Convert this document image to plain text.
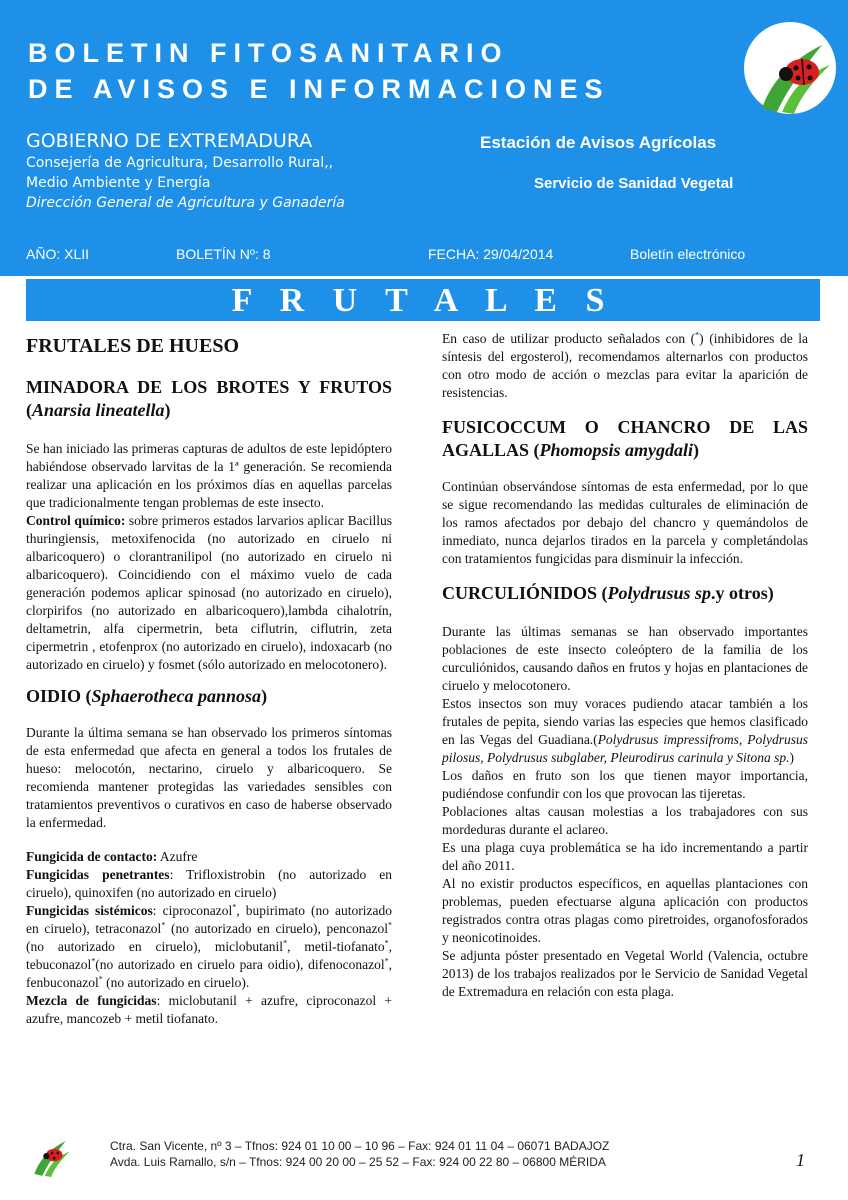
BOLETIN FITOSANITARIO
DE AVISOS E INFORMACIONES
GOBIERNO DE EXTREMADURA
Consejería de Agricultura, Desarrollo Rural,,
Medio Ambiente y Energía
Dirección General de Agricultura y Ganadería
Estación de Avisos Agrícolas
Servicio de Sanidad Vegetal
AÑO: XLII	BOLETÍN Nº: 8	FECHA: 29/04/2014	Boletín electrónico
F R U T A L E S
FRUTALES DE HUESO
MINADORA DE LOS BROTES Y FRUTOS (Anarsia lineatella)

Se han iniciado las primeras capturas de adultos de este lepidóptero habiéndose observado larvitas de la 1ª generación. Se recomienda realizar una aplicación en los próximos días en aquellas parcelas que tradicionalmente tengan problemas de este insecto.

Control químico: sobre primeros estados larvarios aplicar Bacillus thuringiensis, metoxifenocida (no autorizado en ciruelo ni albaricoquero) o clorantranilipol (no autorizado en ciruelo ni albaricoquero). Coincidiendo con el máximo vuelo de cada generación podemos aplicar spinosad (no autorizado en ciruelo), clorpirifos (no autorizado en albaricoquero),lambda cihalotrín, deltametrin, alfa cipermetrin, beta ciflutrin, ciflutrin, zeta cipermetrin , etofenprox (no autorizado en ciruelo), indoxacarb (no autorizado en ciruelo) y fosmet (sólo autorizado en melocotonero).

OIDIO (Sphaerotheca pannosa)

Durante la última semana se han observado los primeros síntomas de esta enfermedad que afecta en general a todos los frutales de hueso: melocotón, nectarino, ciruelo y albaricoquero. Se recomienda mantener protegidas las variedades sensibles con tratamientos preventivos o curativos en caso de haberse observado la enfermedad.

Fungicida de contacto: Azufre

Fungicidas penetrantes: Trifloxistrobin (no autorizado en ciruelo), quinoxifen (no autorizado en ciruelo)

Fungicidas sistémicos: ciproconazol*, bupirimato (no autorizado en ciruelo), tetraconazol* (no autorizado en ciruelo), penconazol* (no autorizado en ciruelo), miclobutanil*, metil-tiofanato*, tebuconazol*(no autorizado en ciruelo para oidio), difenoconazol*, fenbuconazol* (no autorizado en ciruelo).

Mezcla de fungicidas: miclobutanil + azufre, ciproconazol + azufre, mancozeb + metil tiofanato.

En caso de utilizar producto señalados con (*) (inhibidores de la síntesis del ergosterol), recomendamos alternarlos con productos con otro modo de acción o mezclas para evitar la aparición de resistencias.

FUSICOCCUM O CHANCRO DE LAS AGALLAS (Phomopsis amygdali)

Continúan observándose síntomas de esta enfermedad, por lo que se sigue recomendando las medidas culturales de eliminación de los ramos afectados por debajo del chancro y quemándolos de inmediato, nunca dejarlos tirados en la parcela y completándolas con tratamientos fungicidas para disminuir la infección.

CURCULIÓNIDOS (Polydrusus sp.y otros)

Durante las últimas semanas se han observado importantes poblaciones de este insecto coleóptero de la familia de los curculiónidos, causando daños en frutos y hojas en plantaciones de ciruelo y melocotonero.

Estos insectos son muy voraces pudiendo atacar también a los frutales de pepita, siendo varias las especies que hemos clasificado en las Vegas del Guadiana.(Polydrusus impressifroms, Polydrusus pilosus, Polydrusus subglaber, Pleurodirus carinula y Sitona sp.)

Los daños en fruto son los que tienen mayor importancia, pudiéndose confundir con los que provocan las tijeretas.

Poblaciones altas causan molestias a los trabajadores con sus mordeduras durante el aclareo.

Es una plaga cuya problemática se ha ido incrementando a partir del año 2011.

Al no existir productos específicos, en aquellas plantaciones con problemas, pueden efectuarse alguna aplicación con productos registrados contra otras plagas como piretroides, organofosforados y neonicotinoides.

Se adjunta póster presentado en Vegetal World (Valencia, octubre 2013) de los trabajos realizados por le Servicio de Sanidad Vegetal de Extremadura en relación con esta plaga.

Ctra. San Vicente, nº 3 – Tfnos: 924 01 10 00 – 10 96 – Fax: 924 01 11 04 – 06071 BADAJOZ
Avda. Luis Ramallo, s/n – Tfnos: 924 00 20 00 – 25 52 – Fax: 924 00 22 80 – 06800 MÉRIDA	1
